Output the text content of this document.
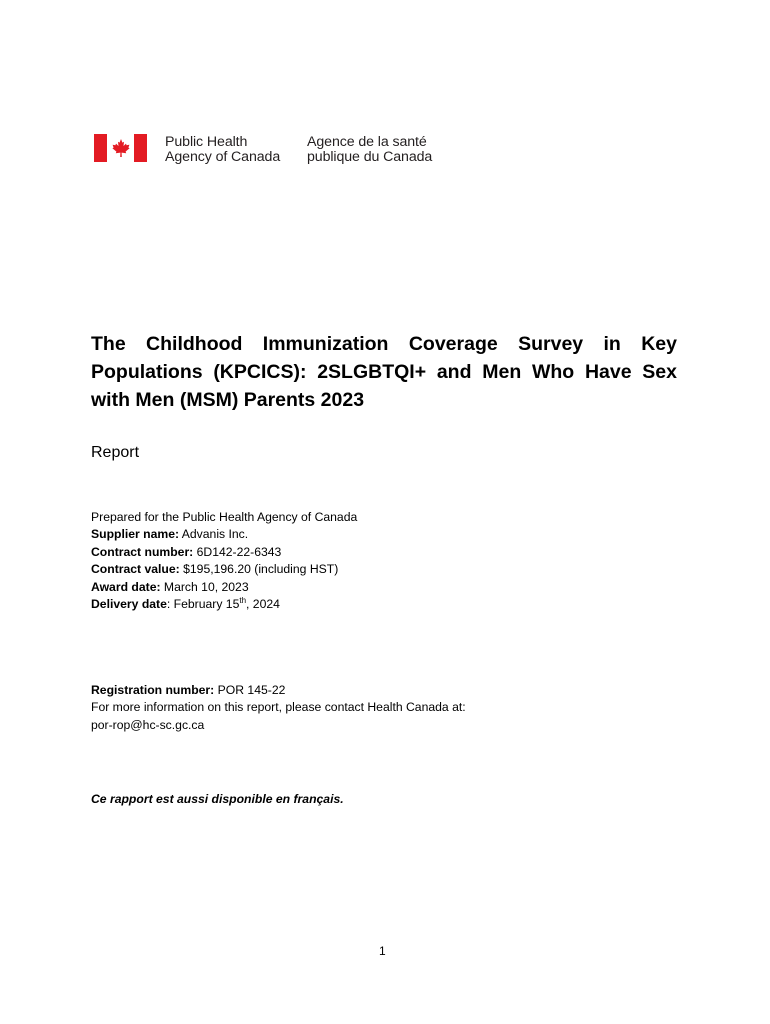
Public Health
Agency of Canada
Agence de la santé
publique du Canada
The Childhood Immunization Coverage Survey in Key Populations (KPCICS): 2SLGBTQI+ and Men Who Have Sex with Men (MSM) Parents 2023

Report

Prepared for the Public Health Agency of Canada
Supplier name: Advanis Inc.
Contract number: 6D142-22-6343
Contract value: $195,196.20 (including HST)
Award date: March 10, 2023
Delivery date: February 15th, 2024
Registration number: POR 145-22
For more information on this report, please contact Health Canada at:
por-rop@hc-sc.gc.ca
Ce rapport est aussi disponible en français.
1
